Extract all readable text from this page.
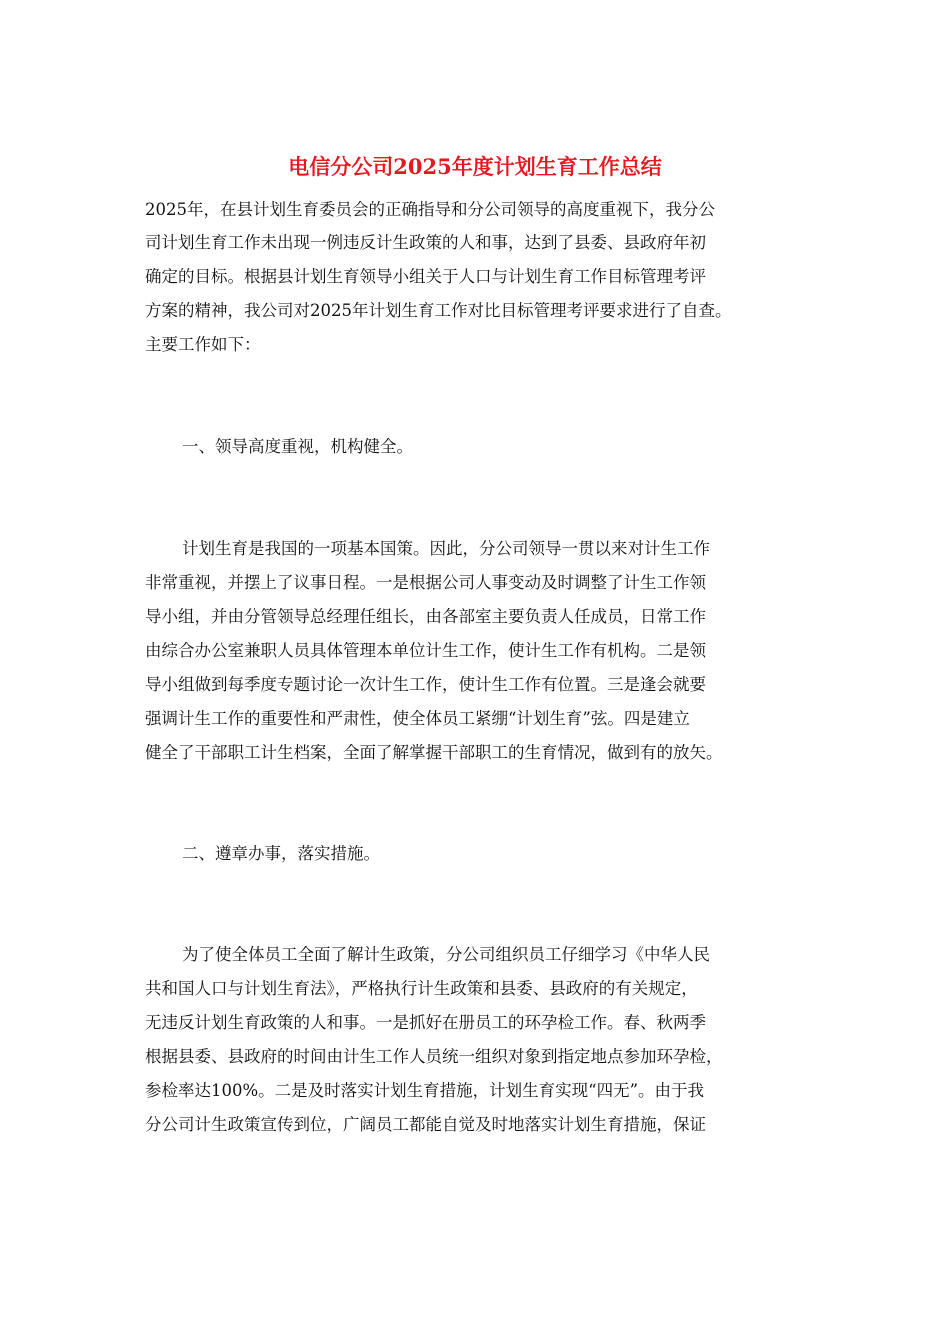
电信分公司2025年度计划生育工作总结

2025年，在县计划生育委员会的正确指导和分公司领导的高度重视下，我分公

司计划生育工作未出现一例违反计生政策的人和事，达到了县委、县政府年初

确定的目标。根据县计划生育领导小组关于人口与计划生育工作目标管理考评

方案的精神，我公司对2025年计划生育工作对比目标管理考评要求进行了自查。

主要工作如下：

一、领导高度重视，机构健全。

计划生育是我国的一项基本国策。因此，分公司领导一贯以来对计生工作

非常重视，并摆上了议事日程。一是根据公司人事变动及时调整了计生工作领

导小组，并由分管领导总经理任组长，由各部室主要负责人任成员，日常工作

由综合办公室兼职人员具体管理本单位计生工作，使计生工作有机构。二是领

导小组做到每季度专题讨论一次计生工作，使计生工作有位置。三是逢会就要

强调计生工作的重要性和严肃性，使全体员工紧绷“计划生育”弦。四是建立

健全了干部职工计生档案，全面了解掌握干部职工的生育情况，做到有的放矢。

二、遵章办事，落实措施。

为了使全体员工全面了解计生政策，分公司组织员工仔细学习《中华人民

共和国人口与计划生育法》，严格执行计生政策和县委、县政府的有关规定，

无违反计划生育政策的人和事。一是抓好在册员工的环孕检工作。春、秋两季

根据县委、县政府的时间由计生工作人员统一组织对象到指定地点参加环孕检，

参检率达100%。二是及时落实计划生育措施，计划生育实现“四无”。由于我

分公司计生政策宣传到位，广阔员工都能自觉及时地落实计划生育措施，保证
